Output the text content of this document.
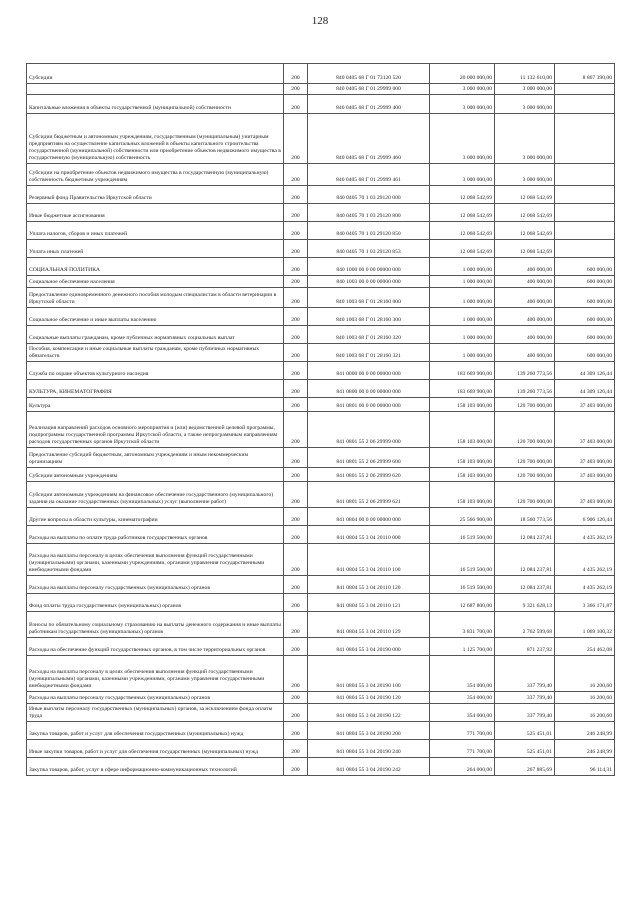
128
Субсидии	200	840 0405 68 Г 01 73120 520	20 000 000,00	11 132 610,00	8 867 390,00
	200	840 0405 68 Г 01 29999 000	3 000 000,00	3 000 000,00	
Капитальные вложения в объекты государственной (муниципальной) собственности	200	840 0405 68 Г 01 29999 400	3 000 000,00	3 000 000,00	
Субсидии бюджетным и автономным учреждениям, государственным (муниципальным) унитарным предприятиям на осуществление капитальных вложений в объекты капитального строительства государственной (муниципальной) собственности или приобретение объектов недвижимого имущества в государственную (муниципальную) собственность	200	840 0405 68 Г 01 29999 460	3 000 000,00	3 000 000,00	
Субсидии на приобретение объектов недвижимого имущества в государственную (муниципальную) собственность бюджетным учреждениям	200	840 0405 68 Г 01 29999 461	3 000 000,00	3 000 000,00	
Резервный фонд Правительства Иркутской области	200	840 0405 70 1 03 29120 000	12 068 542,69	12 068 542,69	
Иные бюджетные ассигнования	200	840 0405 70 1 03 29120 800	12 068 542,69	12 068 542,69	
Уплата налогов, сборов и иных платежей	200	840 0405 70 1 03 29120 850	12 068 542,69	12 068 542,69	
Уплата иных платежей	200	840 0405 70 1 03 29120 853	12 068 542,69	12 068 542,69	
СОЦИАЛЬНАЯ ПОЛИТИКА	200	840 1000 00 0 00 00000 000	1 000 000,00	400 000,00	600 000,00
Социальное обеспечение населения	200	840 1003 00 0 00 00000 000	1 000 000,00	400 000,00	600 000,00
Предоставление единовременного денежного пособия молодым специалистам в области ветеринарии в Иркутской области	200	840 1003 68 Г 01 28160 000	1 000 000,00	400 000,00	600 000,00
Социальное обеспечение и иные выплаты населению	200	840 1003 68 Г 01 28160 300	1 000 000,00	400 000,00	600 000,00
Социальные выплаты гражданам, кроме публичных нормативных социальных выплат	200	840 1003 68 Г 01 28160 320	1 000 000,00	400 000,00	600 000,00
Пособия, компенсации и иные социальные выплаты гражданам, кроме публичных нормативных обязательств	200	840 1003 68 Г 01 28160 321	1 000 000,00	400 000,00	600 000,00
Служба по охране объектов культурного наследия	200	841 0000 00 0 00 00000 000	183 669 900,00	139 260 773,56	44 309 126,44
КУЛЬТУРА, КИНЕМАТОГРАФИЯ	200	841 0800 00 0 00 00000 000	183 669 900,00	139 260 773,56	44 309 126,44
Культура	200	841 0801 00 0 00 00000 000	158 103 000,00	120 700 000,00	37 403 000,00
Реализация направлений расходов основного мероприятия и (или) ведомственной целевой программы, подпрограммы государственной программы Иркутской области, а также непрограммным направлениям расходов государственных органов Иркутской области	200	841 0801 55 2 06 29999 000	158 103 000,00	120 700 000,00	37 403 000,00
Предоставление субсидий бюджетным, автономным учреждениям и иным некоммерческим организациям	200	841 0801 55 2 06 29999 600	158 103 000,00	120 700 000,00	37 403 000,00
Субсидии автономным учреждениям	200	841 0801 55 2 06 29999 620	158 103 000,00	120 700 000,00	37 403 000,00
Субсидии автономным учреждениям на финансовое обеспечение государственного (муниципального) задания на оказание государственных (муниципальных) услуг (выполнение работ)	200	841 0801 55 2 06 29999 621	158 103 000,00	120 700 000,00	37 403 000,00
Другие вопросы в области культуры, кинематографии	200	841 0804 00 0 00 00000 000	25 566 900,00	18 560 773,56	6 906 126,44
Расходы на выплаты по оплате труда работников государственных органов	200	841 0804 55 3 04 20110 000	16 519 500,00	12 084 237,81	4 435 262,19
Расходы на выплаты персоналу в целях обеспечения выполнения функций государственными (муниципальными) органами, казенными учреждениями, органами управления государственными внебюджетными фондами	200	841 0804 55 3 04 20110 100	16 519 500,00	12 084 237,81	4 435 262,19
Расходы на выплаты персоналу государственных (муниципальных) органов	200	841 0804 55 3 04 20110 120	16 519 500,00	12 084 237,81	4 435 262,19
Фонд оплаты труда государственных (муниципальных) органов	200	841 0804 55 3 04 20110 121	12 687 800,00	9 321 628,13	3 366 171,87
Взносы по обязательному социальному страхованию на выплаты денежного содержания и иные выплаты работникам государственных (муниципальных) органов	200	841 0804 55 3 04 20110 129	3 831 700,00	2 762 599,68	1 069 100,32
Расходы на обеспечение функций государственных органов, в том числе территориальных органов	200	841 0804 55 3 04 20190 000	1 125 700,00	871 237,92	254 462,08
Расходы на выплаты персоналу в целях обеспечения выполнения функций государственными (муниципальными) органами, казенными учреждениями, органами управления государственными внебюджетными фондами	200	841 0804 55 3 04 20190 100	354 000,00	337 799,40	16 200,60
Расходы на выплаты персоналу государственных (муниципальных) органов	200	841 0804 55 3 04 20190 120	354 000,00	337 799,40	16 200,60
Иные выплаты персоналу государственных (муниципальных) органов, за исключением фонда оплаты труда	200	841 0804 55 3 04 20190 122	354 000,00	337 799,40	16 200,60
Закупка товаров, работ и услуг для обеспечения государственных (муниципальных) нужд	200	841 0804 55 3 04 20190 200	771 700,00	525 451,01	246 248,99
Иные закупки товаров, работ и услуг для обеспечения государственных (муниципальных) нужд	200	841 0804 55 3 04 20190 240	771 700,00	525 451,01	246 248,99
Закупка товаров, работ, услуг в сфере информационно-коммуникационных технологий	200	841 0804 55 3 04 20190 242	264 000,00	267 885,69	96 114,31
